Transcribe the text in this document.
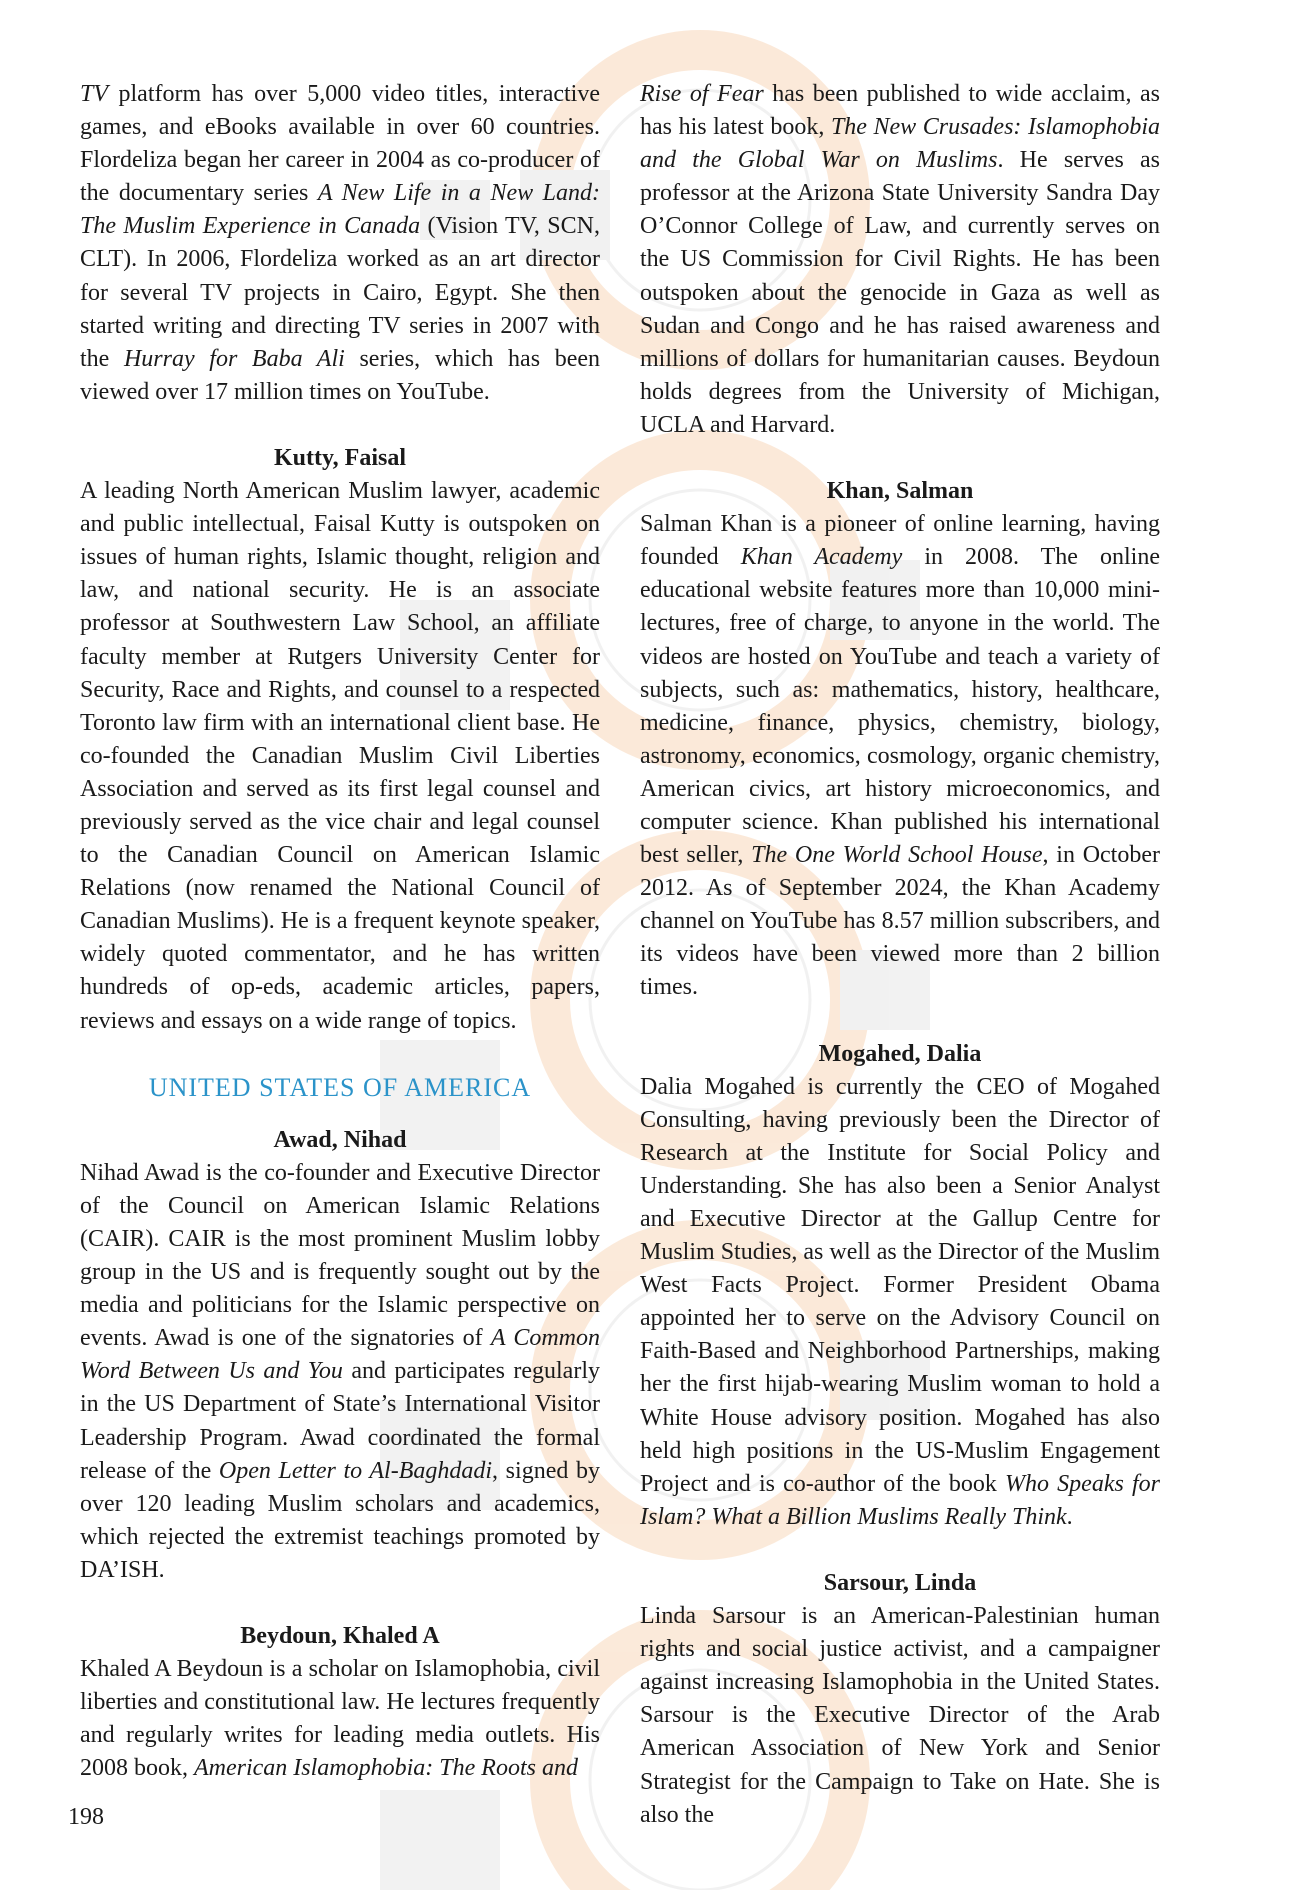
TV platform has over 5,000 video titles, interactive games, and eBooks available in over 60 countries. Flordeliza began her career in 2004 as co-producer of the documentary series A New Life in a New Land: The Muslim Experience in Canada (Vision TV, SCN, CLT). In 2006, Flordeliza worked as an art director for several TV projects in Cairo, Egypt. She then started writing and directing TV series in 2007 with the Hurray for Baba Ali series, which has been viewed over 17 million times on YouTube.

Kutty, Faisal

A leading North American Muslim lawyer, academic and public intellectual, Faisal Kutty is outspoken on issues of human rights, Islamic thought, religion and law, and national security. He is an associate professor at Southwestern Law School, an affiliate faculty member at Rutgers University Center for Security, Race and Rights, and counsel to a respected Toronto law firm with an international client base. He co-founded the Canadian Muslim Civil Liberties Association and served as its first legal counsel and previously served as the vice chair and legal counsel to the Canadian Council on American Islamic Relations (now renamed the National Council of Canadian Muslims). He is a frequent keynote speaker, widely quoted commentator, and he has written hundreds of op-eds, academic articles, papers, reviews and essays on a wide range of topics.

UNITED STATES OF AMERICA

Awad, Nihad

Nihad Awad is the co-founder and Executive Director of the Council on American Islamic Relations (CAIR). CAIR is the most prominent Muslim lobby group in the US and is frequently sought out by the media and politicians for the Islamic perspective on events. Awad is one of the signatories of A Common Word Between Us and You and participates regularly in the US Department of State’s International Visitor Leadership Program. Awad coordinated the formal release of the Open Letter to Al-Baghdadi, signed by over 120 leading Muslim scholars and academics, which rejected the extremist teachings promoted by DA’ISH.

Beydoun, Khaled A

Khaled A Beydoun is a scholar on Islamophobia, civil liberties and constitutional law. He lectures frequently and regularly writes for leading media outlets. His 2008 book, American Islamophobia: The Roots and

Rise of Fear has been published to wide acclaim, as has his latest book, The New Crusades: Islamophobia and the Global War on Muslims. He serves as professor at the Arizona State University Sandra Day O’Connor College of Law, and currently serves on the US Commission for Civil Rights. He has been outspoken about the genocide in Gaza as well as Sudan and Congo and he has raised awareness and millions of dollars for humanitarian causes. Beydoun holds degrees from the University of Michigan, UCLA and Harvard.

Khan, Salman

Salman Khan is a pioneer of online learning, having founded Khan Academy in 2008. The online educational website features more than 10,000 mini-lectures, free of charge, to anyone in the world. The videos are hosted on YouTube and teach a variety of subjects, such as: mathematics, history, healthcare, medicine, finance, physics, chemistry, biology, astronomy, economics, cosmology, organic chemistry, American civics, art history microeconomics, and computer science. Khan published his international best seller, The One World School House, in October 2012. As of September 2024, the Khan Academy channel on YouTube has 8.57 million subscribers, and its videos have been viewed more than 2 billion times.

Mogahed, Dalia

Dalia Mogahed is currently the CEO of Mogahed Consulting, having previously been the Director of Research at the Institute for Social Policy and Understanding. She has also been a Senior Analyst and Executive Director at the Gallup Centre for Muslim Studies, as well as the Director of the Muslim West Facts Project. Former President Obama appointed her to serve on the Advisory Council on Faith-Based and Neighborhood Partnerships, making her the first hijab-wearing Muslim woman to hold a White House advisory position. Mogahed has also held high positions in the US-Muslim Engagement Project and is co-author of the book Who Speaks for Islam? What a Billion Muslims Really Think.

Sarsour, Linda

Linda Sarsour is an American-Palestinian human rights and social justice activist, and a campaigner against increasing Islamophobia in the United States. Sarsour is the Executive Director of the Arab American Association of New York and Senior Strategist for the Campaign to Take on Hate. She is also the

198
